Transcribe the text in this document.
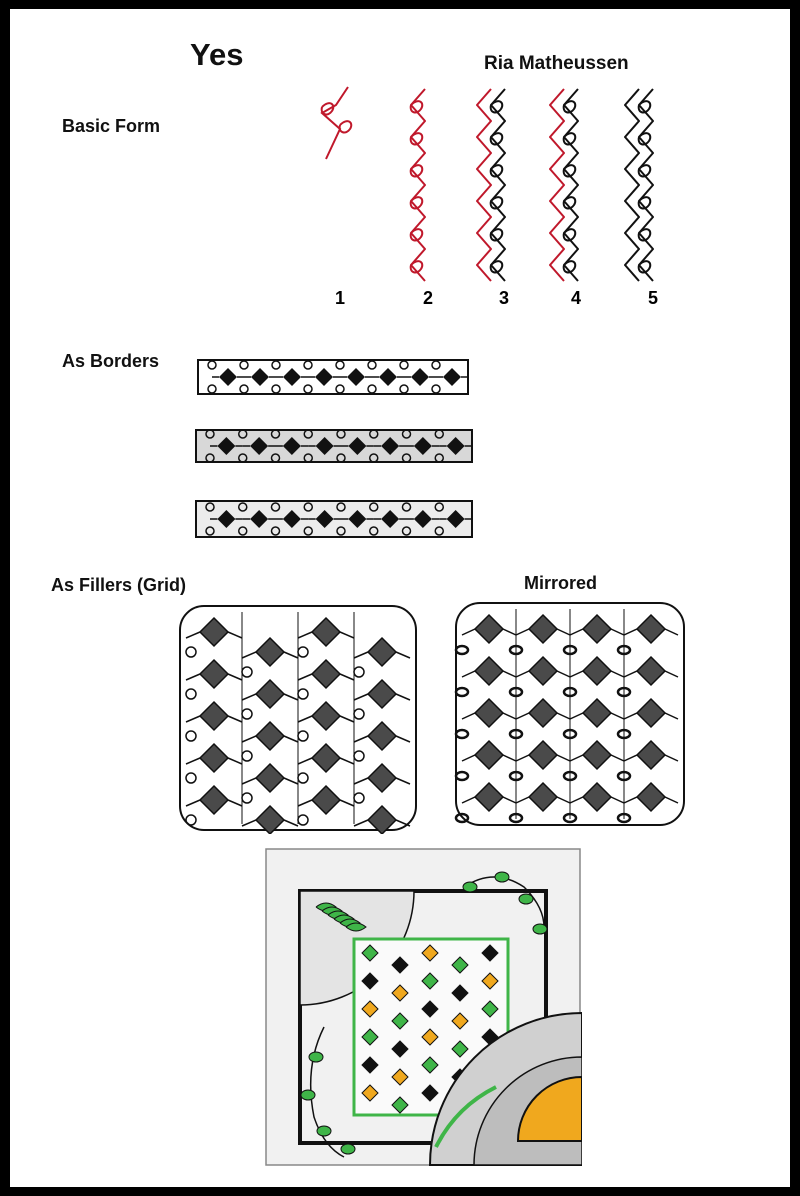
Yes	Ria Matheussen
Basic Form
As Borders
As Fillers (Grid)	Mirrored
1	2	3	4	5
